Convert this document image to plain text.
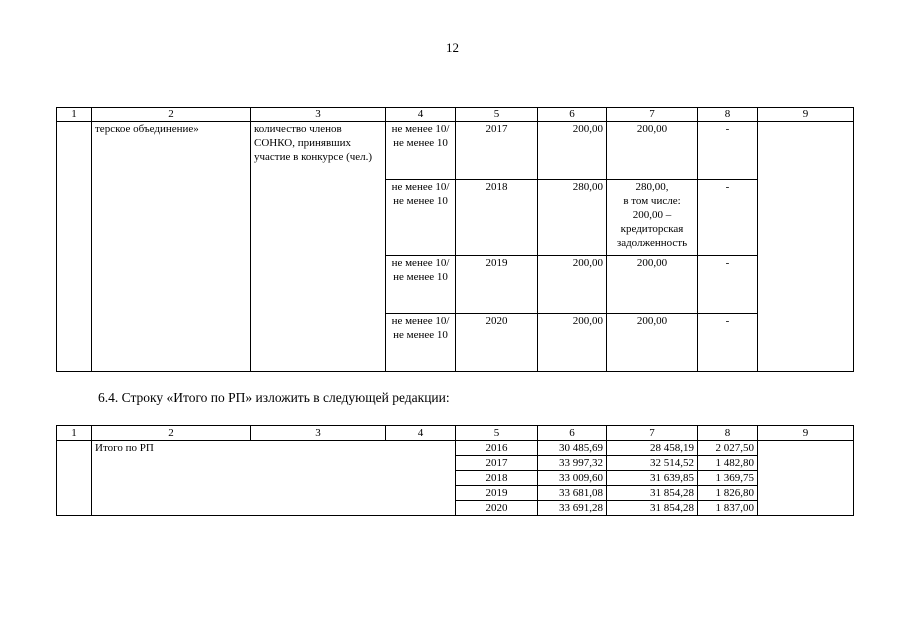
12
1	2	3	4	5	6	7	8	9
	терское объединение»	количество членов СОНКО, принявших участие в конкурсе (чел.)	не менее 10/ не менее 10	2017	200,00	200,00	-	
			не менее 10/ не менее 10	2018	280,00	280,00,
в том числе:
200,00 –
кредиторская
задолженность	-	
			не менее 10/ не менее 10	2019	200,00	200,00	-	
			не менее 10/ не менее 10	2020	200,00	200,00	-	
6.4. Строку «Итого по РП» изложить в следующей редакции:
1	2	3	4	5	6	7	8	9
	Итого по РП			2016	30 485,69	28 458,19	2 027,50	
				2017	33 997,32	32 514,52	1 482,80	
				2018	33 009,60	31 639,85	1 369,75	
				2019	33 681,08	31 854,28	1 826,80	
				2020	33 691,28	31 854,28	1 837,00	
